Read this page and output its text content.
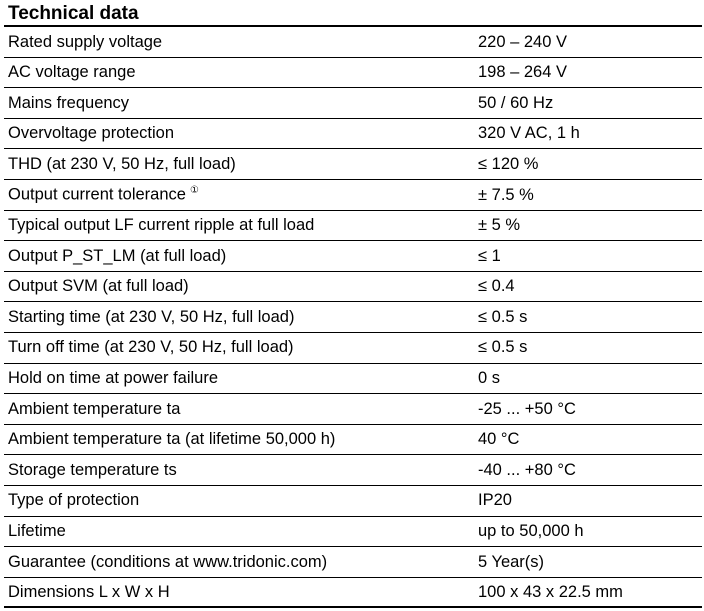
Technical data
Rated supply voltage	220 – 240 V
AC voltage range	198 – 264 V
Mains frequency	50 / 60 Hz
Overvoltage protection	320 V AC, 1 h
THD (at 230 V, 50 Hz, full load)	≤ 120 %
Output current tolerance ①	± 7.5 %
Typical output LF current ripple at full load	± 5 %
Output P_ST_LM (at full load)	≤ 1
Output SVM (at full load)	≤ 0.4
Starting time (at 230 V, 50 Hz, full load)	≤ 0.5 s
Turn off time (at 230 V, 50 Hz, full load)	≤ 0.5 s
Hold on time at power failure	0 s
Ambient temperature ta	-25 ... +50 °C
Ambient temperature ta (at lifetime 50,000 h)	40 °C
Storage temperature ts	-40 ... +80 °C
Type of protection	IP20
Lifetime	up to 50,000 h
Guarantee (conditions at www.tridonic.com)	5 Year(s)
Dimensions L x W x H	100 x 43 x 22.5 mm
